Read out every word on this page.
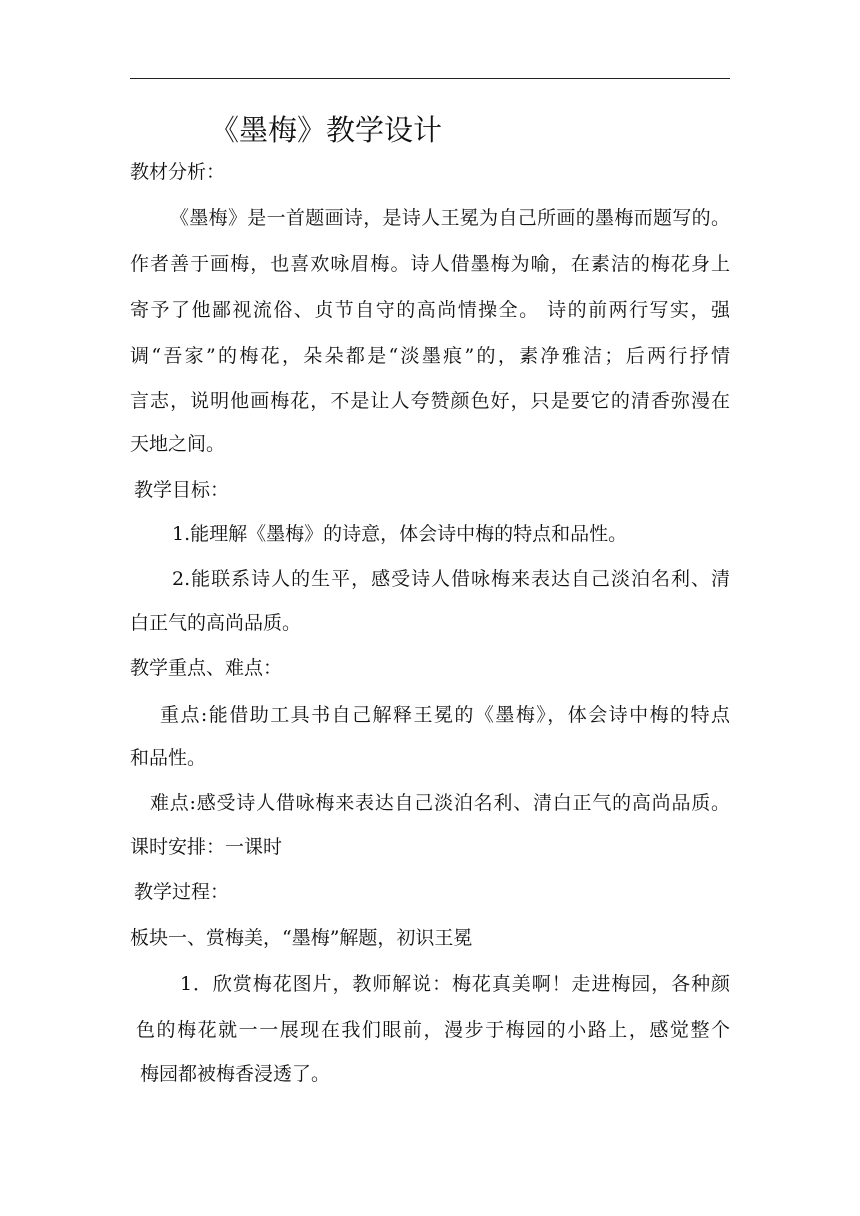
《墨梅》教学设计
教材分析：
《墨梅》是一首题画诗，是诗人王冕为自己所画的墨梅而题写的。
作者善于画梅，也喜欢咏眉梅。诗人借墨梅为喻，在素洁的梅花身上
寄予了他鄙视流俗、贞节自守的高尚情操全。 诗的前两行写实，强
调“吾家”的梅花，朵朵都是“淡墨痕”的，素净雅洁；后两行抒情
言志，说明他画梅花，不是让人夸赞颜色好，只是要它的清香弥漫在
天地之间。
教学目标：
1.能理解《墨梅》的诗意，体会诗中梅的特点和品性。
2.能联系诗人的生平，感受诗人借咏梅来表达自己淡泊名利、清
白正气的高尚品质。
教学重点、难点：
重点:能借助工具书自己解释王冕的《墨梅》，体会诗中梅的特点
和品性。
难点:感受诗人借咏梅来表达自己淡泊名利、清白正气的高尚品质。
课时安排：一课时
教学过程：
板块一、赏梅美，“墨梅”解题，初识王冕
1．欣赏梅花图片，教师解说：梅花真美啊！走进梅园，各种颜
色的梅花就一一展现在我们眼前，漫步于梅园的小路上，感觉整个
梅园都被梅香浸透了。
